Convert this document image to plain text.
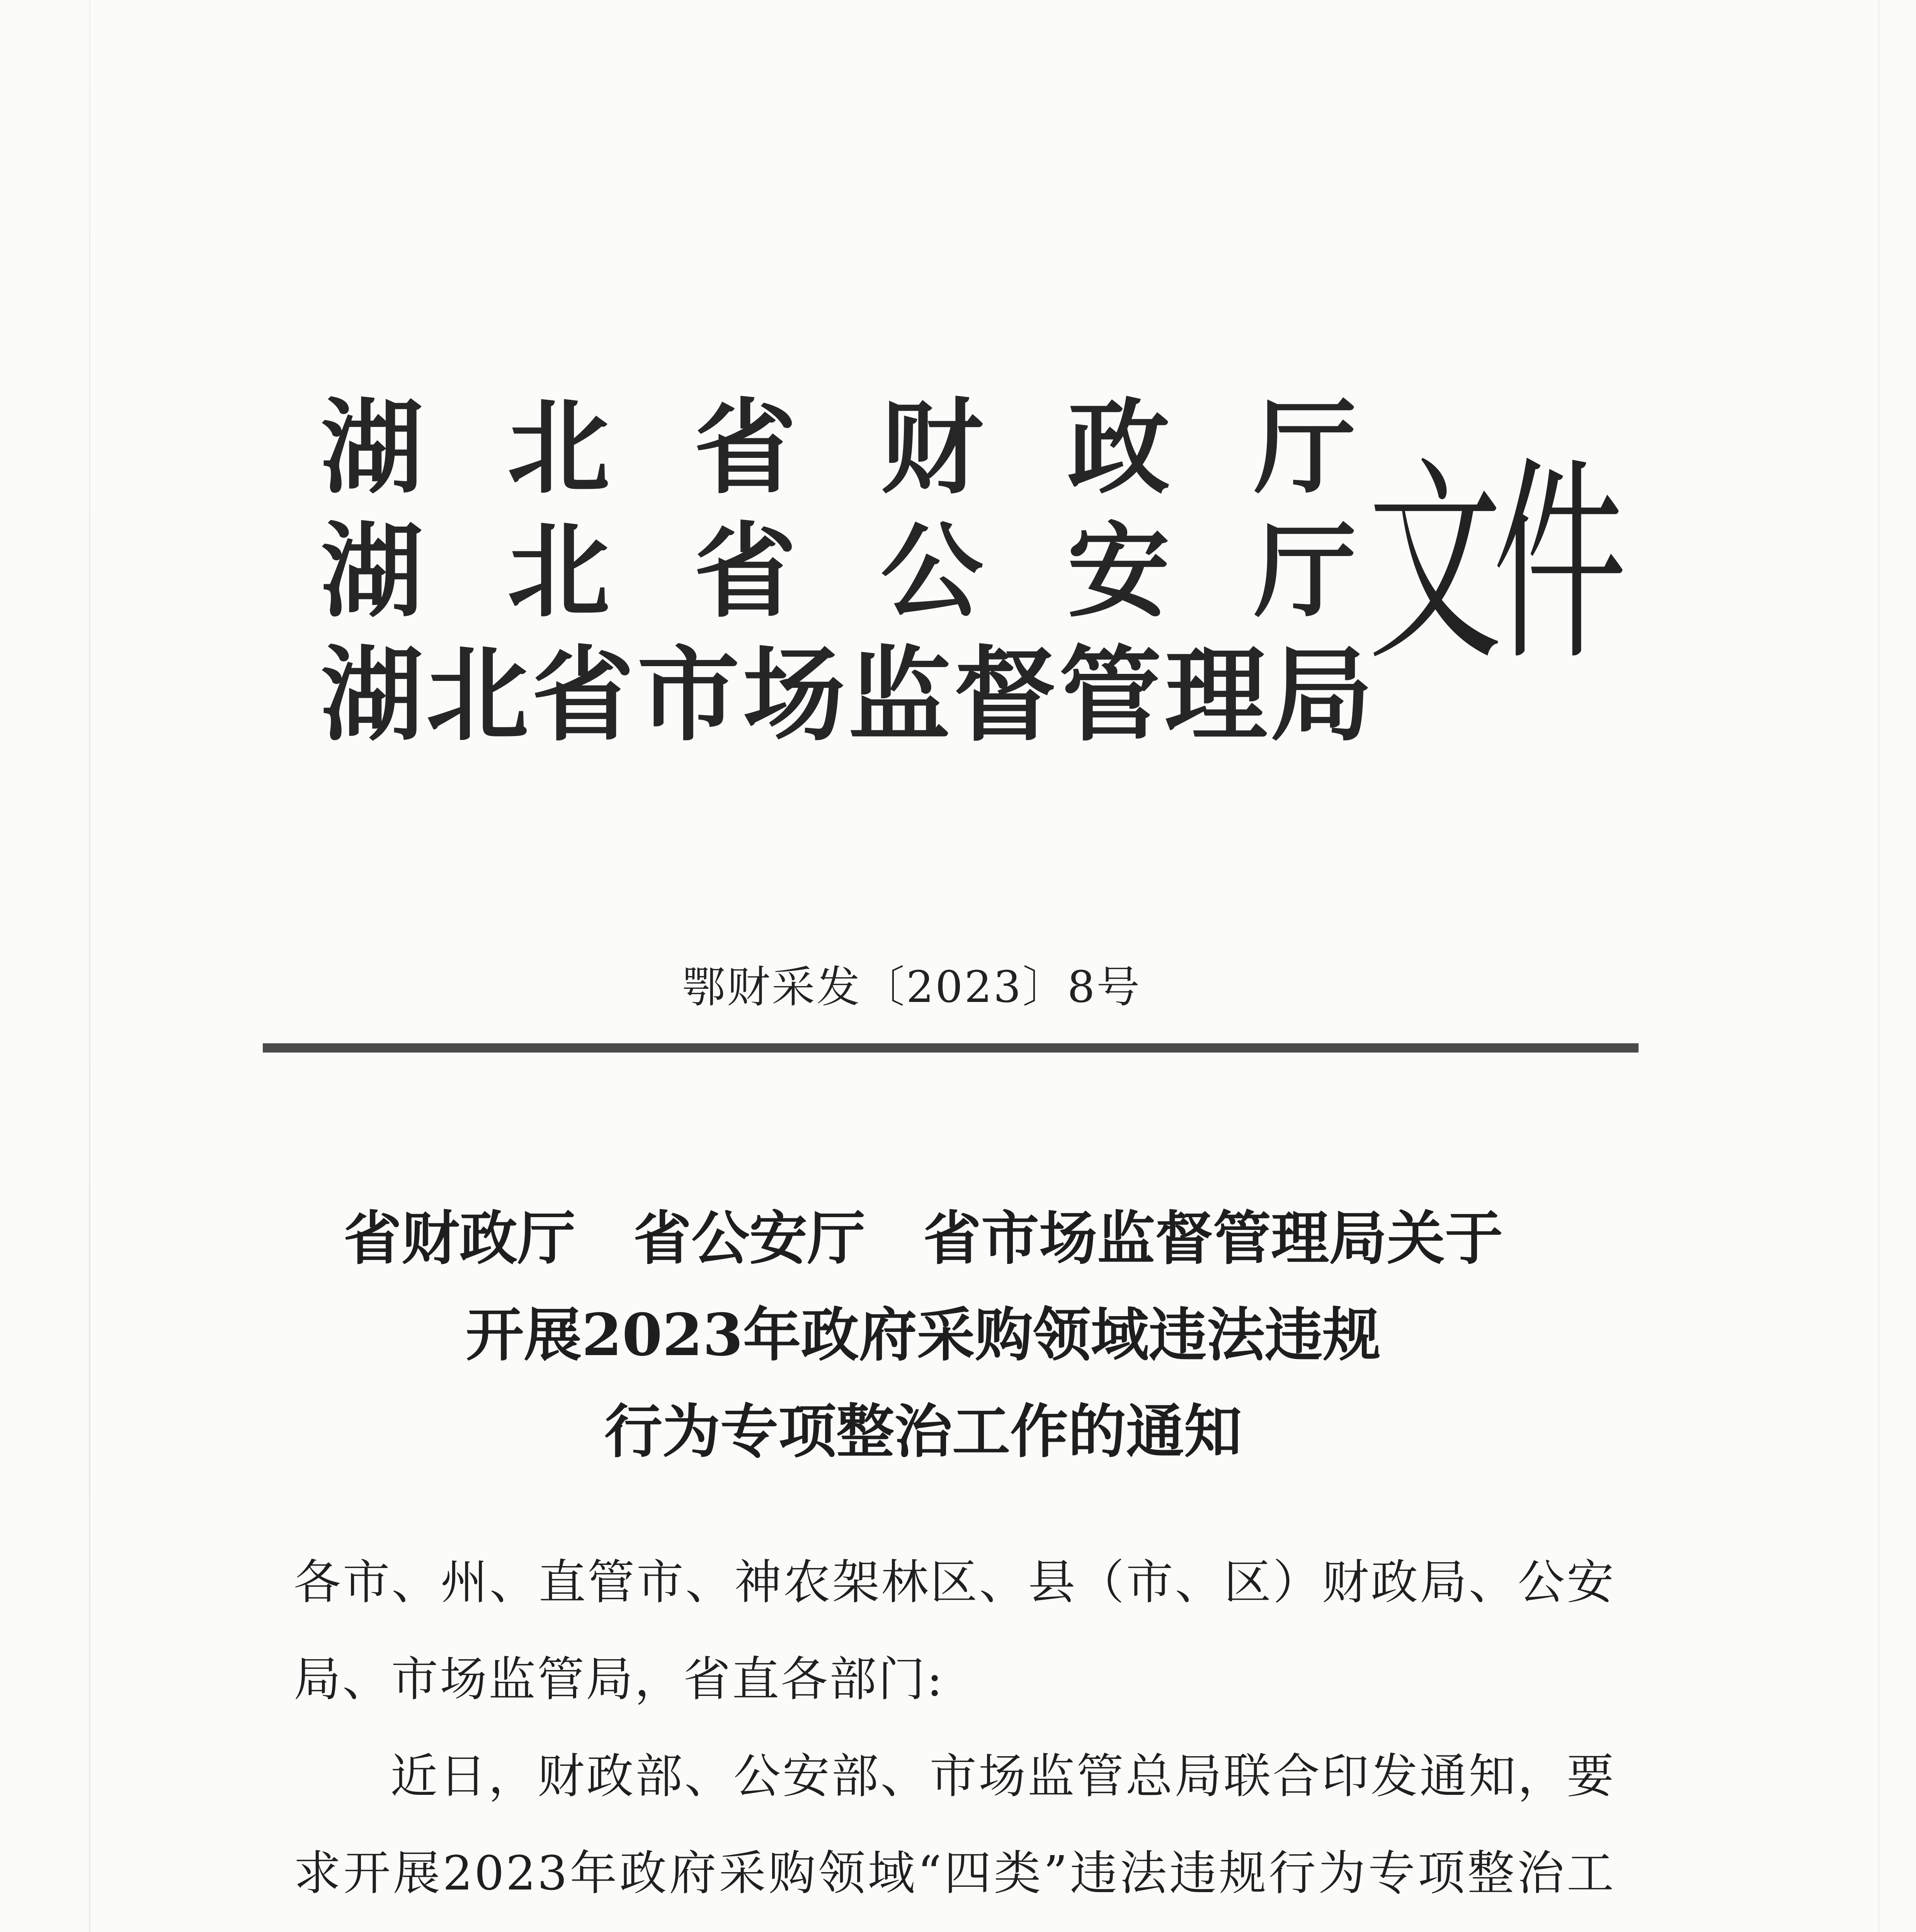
湖 北 省 财 政 厅
湖 北 省 公 安 厅
湖北省市场监督管理局
文件
鄂财采发〔2023〕8号
省财政厅　省公安厅　省市场监督管理局关于
开展2023年政府采购领域违法违规
行为专项整治工作的通知
各市、州、直管市、神农架林区、县（市、区）财政局、公安
局、市场监管局，省直各部门:
近日，财政部、公安部、市场监管总局联合印发通知，要
求开展2023年政府采购领域“四类”违法违规行为专项整治工
